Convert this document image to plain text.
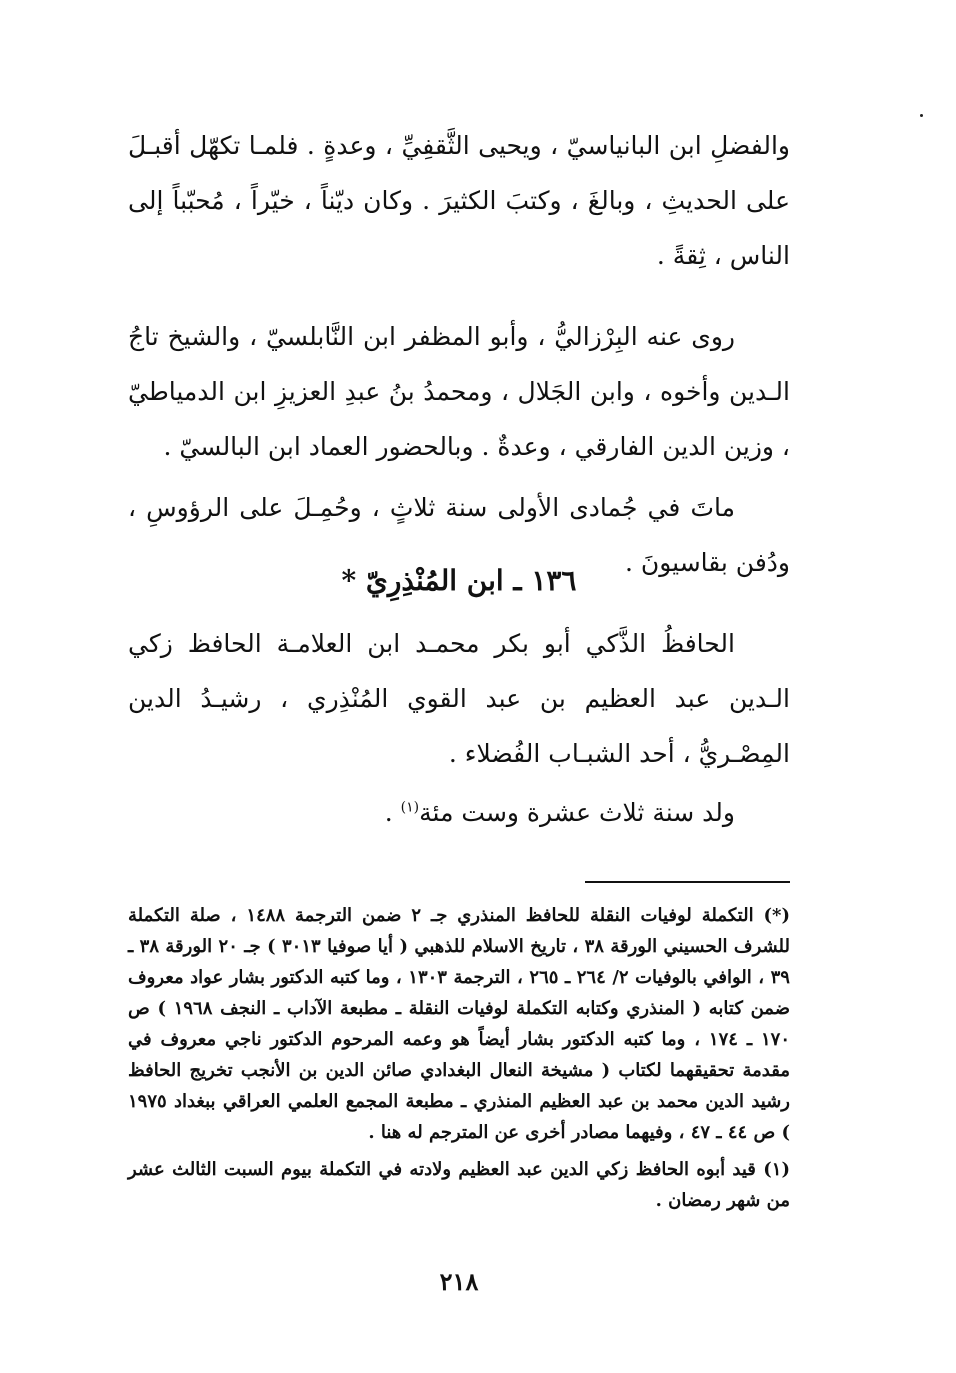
والفضلِ ابن البانياسيّ ، ويحيى الثَّقفِيِّ ، وعدةٍ . فلمـا تكهّل أقبـلَ على الحديثِ ، وبالغَ ، وكتبَ الكثيرَ . وكان ديّناً ، خيّراً ، مُحبّباً إلى الناس ، ثِقةً .

روى عنه البِرْزاليُّ ، وأبو المظفر ابن النَّابلسيّ ، والشيخ تاجُ الـدين وأخوه ، وابن الجَلال ، ومحمدُ بنُ عبدِ العزيزِ ابن الدمياطيّ ، وزين الدين الفارقي ، وعدةٌ . وبالحضور العماد ابن البالسيّ .

ماتَ في جُمادى الأولى سنة ثلاثٍ ، وحُمِـلَ على الرؤوسِ ، ودُفن بقاسيونَ .

١٣٦ ـ ابن المُنْذِرِيّ *

الحافظُ الذَّكي أبو بكر محمـد ابن العلامـة الحافظ زكي الـدين عبد العظيم بن عبد القوي المُنْذِري ، رشيـدُ الدين المِصْـريُّ ، أحد الشبـاب الفُضلاء .

ولد سنة ثلاث عشرة وست مئة$^{(١)}$ .

(*) التكملة لوفيات النقلة للحافظ المنذري جـ ٢ ضمن الترجمة ١٤٨٨ ، صلة التكملة للشرف الحسيني الورقة ٣٨ ، تاريخ الاسلام للذهبي ( أيا صوفيا ٣٠١٣ ) جـ ٢٠ الورقة ٣٨ ـ ٣٩ ، الوافي بالوفيات ٢/ ٢٦٤ ـ ٢٦٥ ، الترجمة ١٣٠٣ ، وما كتبه الدكتور بشار عواد معروف ضمن كتابه ( المنذري وكتابه التكملة لوفيات النقلة ـ مطبعة الآداب ـ النجف ١٩٦٨ ) ص ١٧٠ ـ ١٧٤ ، وما كتبه الدكتور بشار أيضاً هو وعمه المرحوم الدكتور ناجي معروف في مقدمة تحقيقهما لكتاب ( مشيخة النعال البغدادي صائن الدين بن الأنجب تخريج الحافظ رشيد الدين محمد بن عبد العظيم المنذري ـ مطبعة المجمع العلمي العراقي ببغداد ١٩٧٥ ) ص ٤٤ ـ ٤٧ ، وفيهما مصادر أخرى عن المترجم له هنا .

(١) قيد أبوه الحافظ زكي الدين عبد العظيم ولادته في التكملة بيوم السبت الثالث عشر من شهر رمضان .

٢١٨
